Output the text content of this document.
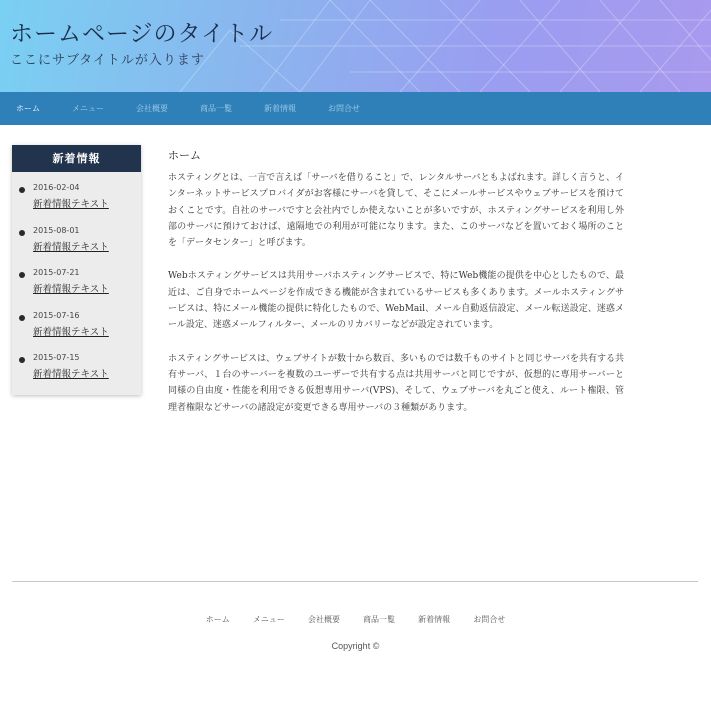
ホームページのタイトル

ここにサブタイトルが入ります

ホーム	メニュー	会社概要	商品一覧	新着情報	お問合せ
新着情報
2016-02-04
新着情報テキスト
2015-08-01
新着情報テキスト
2015-07-21
新着情報テキスト
2015-07-16
新着情報テキスト
2015-07-15
新着情報テキスト
ホーム

ホスティングとは、一言で言えば「サーバを借りること」で、レンタルサーバともよばれます。詳しく言うと、インターネットサービスプロバイダがお客様にサーバを貸して、そこにメールサービスやウェブサービスを預けておくことです。自社のサーバですと会社内でしか使えないことが多いですが、ホスティングサービスを利用し外部のサーバに預けておけば、遠隔地での利用が可能になります。また、このサーバなどを置いておく場所のことを「データセンター」と呼びます。

Webホスティングサービスは共用サーバホスティングサービスで、特にWeb機能の提供を中心としたもので、最近は、ご自身でホームページを作成できる機能が含まれているサービスも多くあります。メールホスティングサービスは、特にメール機能の提供に特化したもので、WebMail、メール自動返信設定、メール転送設定、迷惑メール設定、迷惑メールフィルター、メールのリカバリーなどが設定されています。

ホスティングサービスは、ウェブサイトが数十から数百、多いものでは数千ものサイトと同じサーバを共有する共有サーバ、１台のサーバーを複数のユーザーで共有する点は共用サーバと同じですが、仮想的に専用サーバーと同様の自由度・性能を利用できる仮想専用サーバ(VPS)、そして、ウェブサーバを丸ごと使え、ルート権限、管理者権限などサーバの諸設定が変更できる専用サーバの３種類があります。

ホーム	メニュー	会社概要	商品一覧	新着情報	お問合せ
Copyright ©
